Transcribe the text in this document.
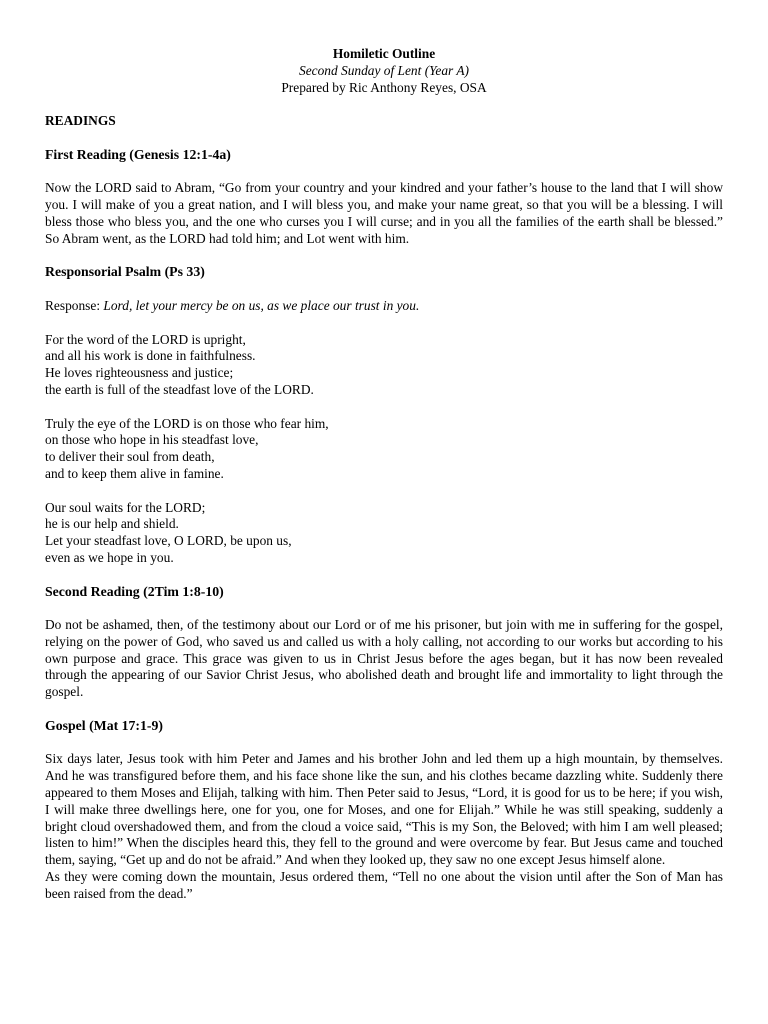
Homiletic Outline
Second Sunday of Lent (Year A)
Prepared by Ric Anthony Reyes, OSA
READINGS
First Reading (Genesis 12:1-4a)

Now the LORD said to Abram, “Go from your country and your kindred and your father’s house to the land that I will show you. I will make of you a great nation, and I will bless you, and make your name great, so that you will be a blessing. I will bless those who bless you, and the one who curses you I will curse; and in you all the families of the earth shall be blessed.” So Abram went, as the LORD had told him; and Lot went with him.

Responsorial Psalm (Ps 33)

Response: Lord, let your mercy be on us, as we place our trust in you.

For the word of the LORD is upright,
and all his work is done in faithfulness.
He loves righteousness and justice;
the earth is full of the steadfast love of the LORD.
Truly the eye of the LORD is on those who fear him,
on those who hope in his steadfast love,
to deliver their soul from death,
and to keep them alive in famine.
Our soul waits for the LORD;
he is our help and shield.
Let your steadfast love, O LORD, be upon us,
even as we hope in you.
Second Reading (2Tim 1:8-10)

Do not be ashamed, then, of the testimony about our Lord or of me his prisoner, but join with me in suffering for the gospel, relying on the power of God, who saved us and called us with a holy calling, not according to our works but according to his own purpose and grace. This grace was given to us in Christ Jesus before the ages began, but it has now been revealed through the appearing of our Savior Christ Jesus, who abolished death and brought life and immortality to light through the gospel.

Gospel (Mat 17:1-9)

Six days later, Jesus took with him Peter and James and his brother John and led them up a high mountain, by themselves. And he was transfigured before them, and his face shone like the sun, and his clothes became dazzling white. Suddenly there appeared to them Moses and Elijah, talking with him. Then Peter said to Jesus, “Lord, it is good for us to be here; if you wish, I will make three dwellings here, one for you, one for Moses, and one for Elijah.” While he was still speaking, suddenly a bright cloud overshadowed them, and from the cloud a voice said, “This is my Son, the Beloved; with him I am well pleased; listen to him!” When the disciples heard this, they fell to the ground and were overcome by fear. But Jesus came and touched them, saying, “Get up and do not be afraid.” And when they looked up, they saw no one except Jesus himself alone.

As they were coming down the mountain, Jesus ordered them, “Tell no one about the vision until after the Son of Man has been raised from the dead.”
